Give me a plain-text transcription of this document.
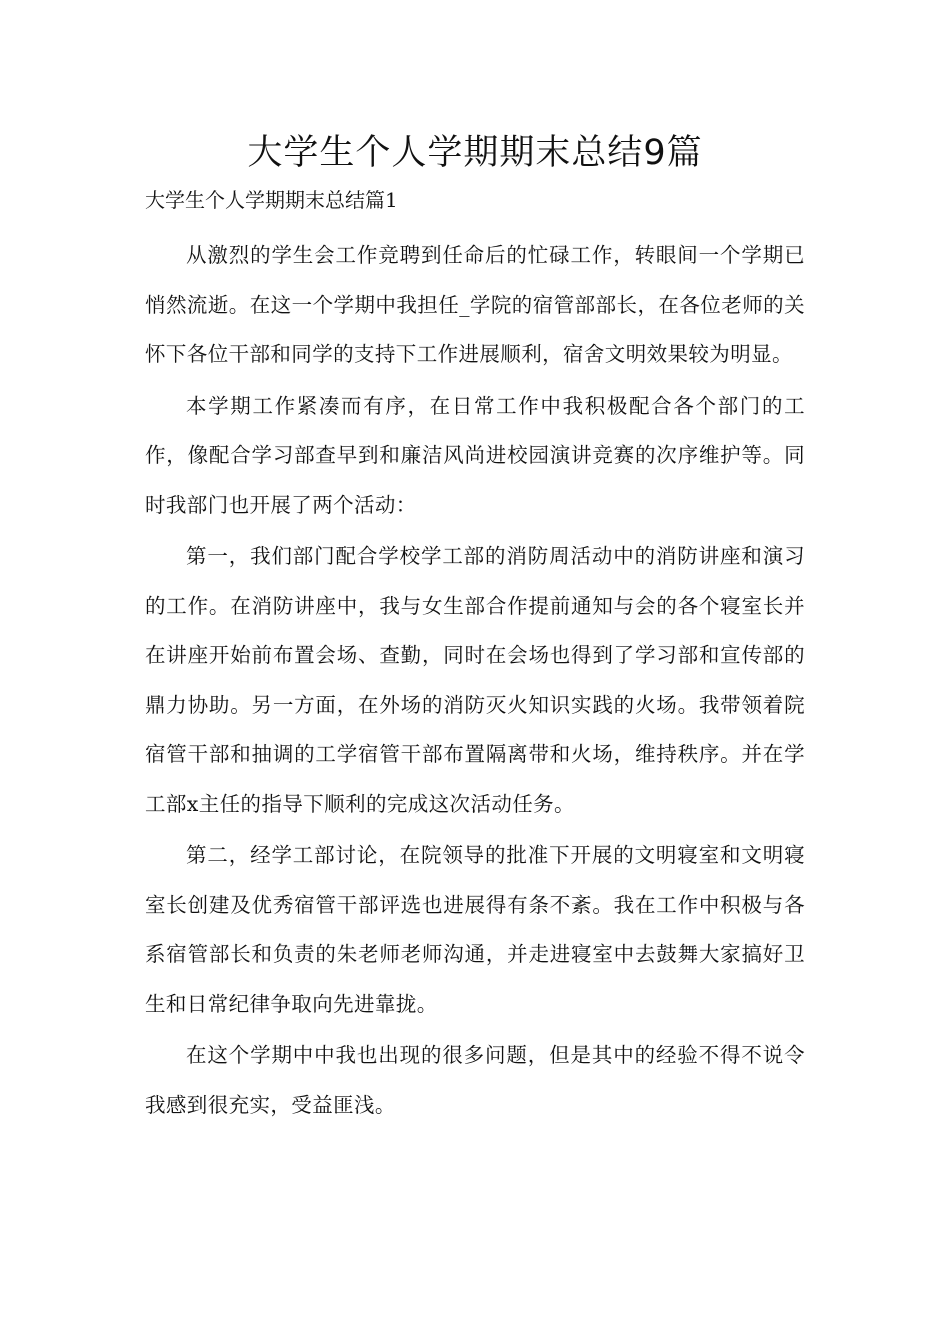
大学生个人学期期末总结9篇
大学生个人学期期末总结篇1

从激烈的学生会工作竞聘到任命后的忙碌工作，转眼间一个学期已悄然流逝。在这一个学期中我担任_学院的宿管部部长，在各位老师的关怀下各位干部和同学的支持下工作进展顺利，宿舍文明效果较为明显。

本学期工作紧凑而有序，在日常工作中我积极配合各个部门的工作，像配合学习部查早到和廉洁风尚进校园演讲竞赛的次序维护等。同时我部门也开展了两个活动：

第一，我们部门配合学校学工部的消防周活动中的消防讲座和演习的工作。在消防讲座中，我与女生部合作提前通知与会的各个寝室长并在讲座开始前布置会场、查勤，同时在会场也得到了学习部和宣传部的鼎力协助。另一方面，在外场的消防灭火知识实践的火场。我带领着院宿管干部和抽调的工学宿管干部布置隔离带和火场，维持秩序。并在学工部x主任的指导下顺利的完成这次活动任务。

第二，经学工部讨论，在院领导的批准下开展的文明寝室和文明寝室长创建及优秀宿管干部评选也进展得有条不紊。我在工作中积极与各系宿管部长和负责的朱老师老师沟通，并走进寝室中去鼓舞大家搞好卫生和日常纪律争取向先进靠拢。

在这个学期中中我也出现的很多问题，但是其中的经验不得不说令我感到很充实，受益匪浅。
